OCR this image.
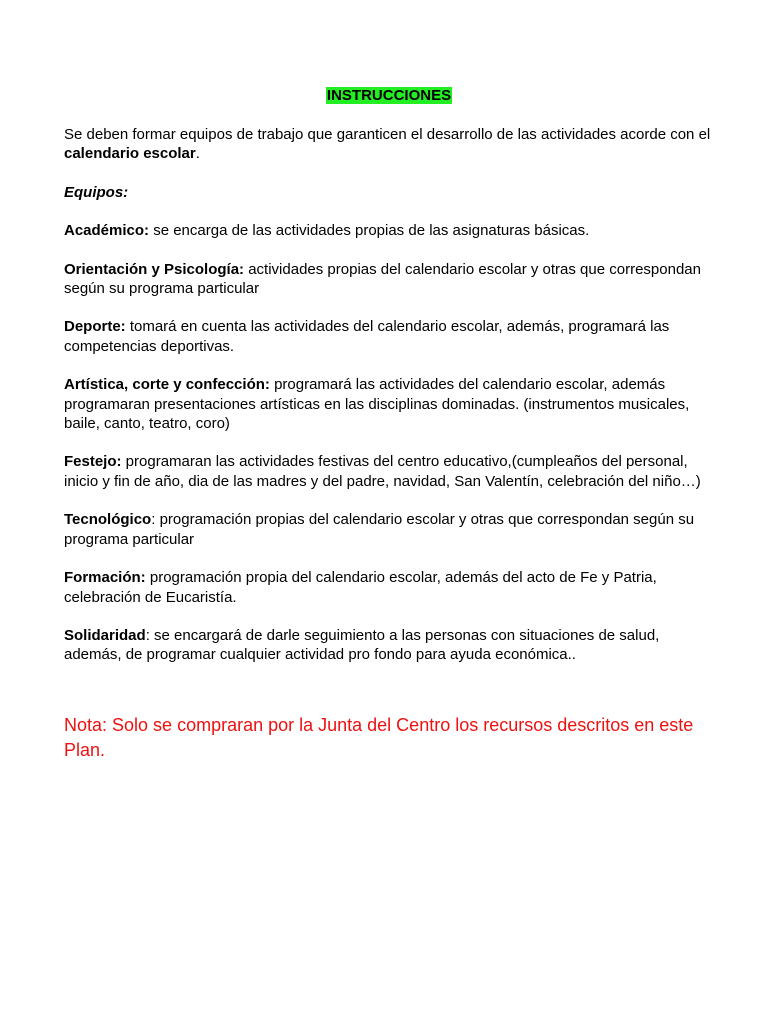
INSTRUCCIONES

Se deben formar equipos de trabajo que garanticen el desarrollo de las actividades acorde con el calendario escolar.

Equipos:

Académico: se encarga de las actividades propias de las asignaturas básicas.

Orientación y Psicología: actividades propias del calendario escolar y otras que correspondan según su programa particular

Deporte: tomará en cuenta las actividades del calendario escolar, además, programará las competencias deportivas.

Artística, corte y confección: programará las actividades del calendario escolar, además programaran presentaciones artísticas en las disciplinas dominadas. (instrumentos musicales, baile, canto, teatro, coro)

Festejo: programaran las actividades festivas del centro educativo,(cumpleaños del personal, inicio y fin de año, dia de las madres y del padre, navidad, San Valentín, celebración del niño…)

Tecnológico: programación propias del calendario escolar y otras que correspondan según su programa particular

Formación: programación propia del calendario escolar, además del acto de Fe y Patria, celebración de Eucaristía.

Solidaridad: se encargará de darle seguimiento a las personas con situaciones de salud, además, de programar cualquier actividad pro fondo para ayuda económica..

Nota: Solo se compraran por la Junta del Centro los recursos descritos en este Plan.
